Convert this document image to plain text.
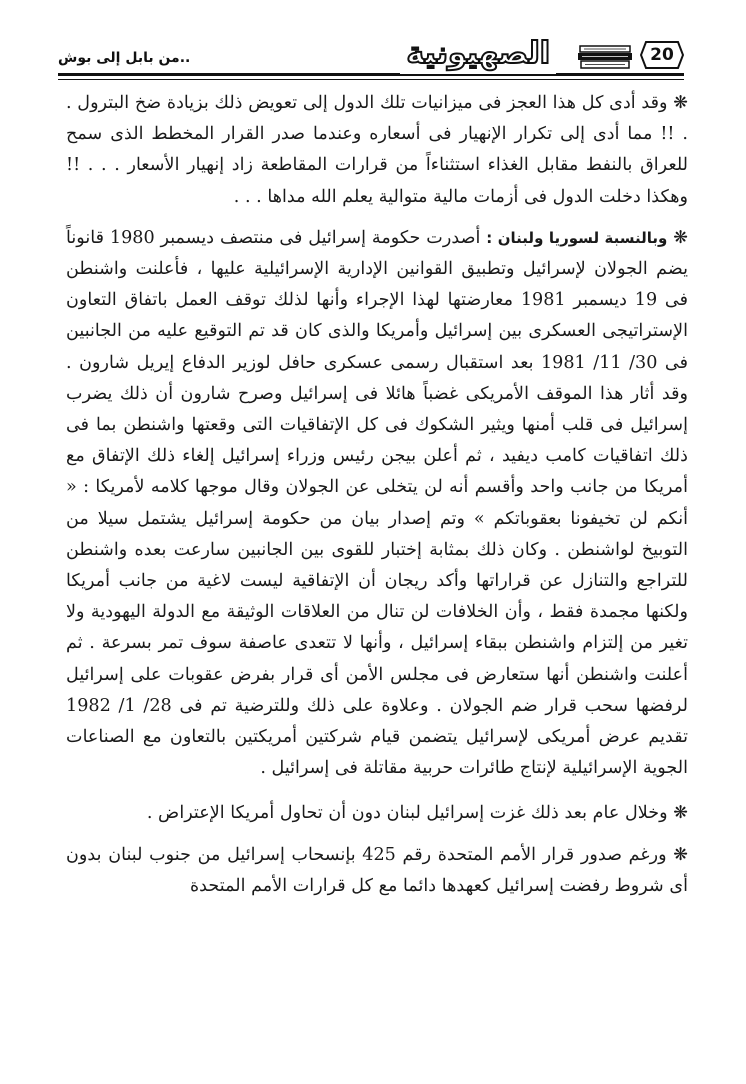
20
الصهيونية
..من بابل إلى بوش

❋ وقد أدى كل هذا العجز فى ميزانيات تلك الدول إلى تعويض ذلك بزيادة ضخ البترول . . !! مما أدى إلى تكرار الإنهيار فى أسعاره وعندما صدر القرار المخطط الذى سمح للعراق بالنفط مقابل الغذاء استثناءاً من قرارات المقاطعة زاد إنهيار الأسعار . . . !! وهكذا دخلت الدول فى أزمات مالية متوالية يعلم الله مداها . . .

❋ وبالنسبة لسوريا ولبنان : أصدرت حكومة إسرائيل فى منتصف ديسمبر 1980 قانوناً يضم الجولان لإسرائيل وتطبيق القوانين الإدارية الإسرائيلية عليها ، فأعلنت واشنطن فى 19 ديسمبر 1981 معارضتها لهذا الإجراء وأنها لذلك توقف العمل باتفاق التعاون الإستراتيجى العسكرى بين إسرائيل وأمريكا والذى كان قد تم التوقيع عليه من الجانبين فى 30/ 11/ 1981 بعد استقبال رسمى عسكرى حافل لوزير الدفاع إيريل شارون . وقد أثار هذا الموقف الأمريكى غضباً هائلا فى إسرائيل وصرح شارون أن ذلك يضرب إسرائيل فى قلب أمنها ويثير الشكوك فى كل الإتفاقيات التى وقعتها واشنطن بما فى ذلك اتفاقيات كامب ديفيد ، ثم أعلن بيجن رئيس وزراء إسرائيل إلغاء ذلك الإتفاق مع أمريكا من جانب واحد وأقسم أنه لن يتخلى عن الجولان وقال موجها كلامه لأمريكا : « أنكم لن تخيفونا بعقوباتكم » وتم إصدار بيان من حكومة إسرائيل يشتمل سيلا من التوبيخ لواشنطن . وكان ذلك بمثابة إختبار للقوى بين الجانبين سارعت بعده واشنطن للتراجع والتنازل عن قراراتها وأكد ريجان أن الإتفاقية ليست لاغية من جانب أمريكا ولكنها مجمدة فقط ، وأن الخلافات لن تنال من العلاقات الوثيقة مع الدولة اليهودية ولا تغير من إلتزام واشنطن ببقاء إسرائيل ، وأنها لا تتعدى عاصفة سوف تمر بسرعة . ثم أعلنت واشنطن أنها ستعارض فى مجلس الأمن أى قرار بفرض عقوبات على إسرائيل لرفضها سحب قرار ضم الجولان . وعلاوة على ذلك وللترضية تم فى 28/ 1/ 1982 تقديم عرض أمريكى لإسرائيل يتضمن قيام شركتين أمريكتين بالتعاون مع الصناعات الجوية الإسرائيلية لإنتاج طائرات حربية مقاتلة فى إسرائيل .

❋ وخلال عام بعد ذلك غزت إسرائيل لبنان دون أن تحاول أمريكا الإعتراض .

❋ ورغم صدور قرار الأمم المتحدة رقم 425 بإنسحاب إسرائيل من جنوب لبنان بدون أى شروط رفضت إسرائيل كعهدها دائما مع كل قرارات الأمم المتحدة
